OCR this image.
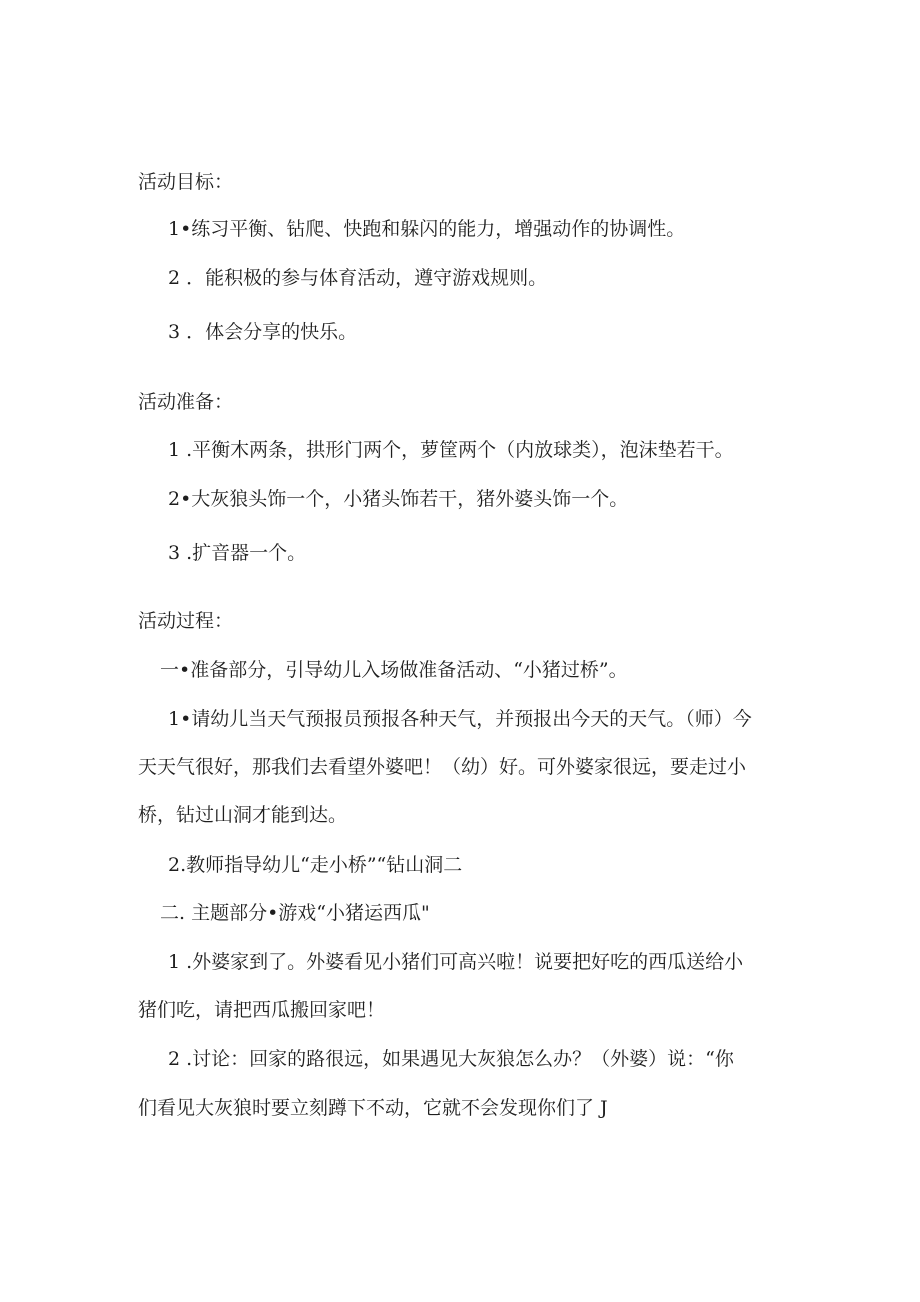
活动目标：
1•练习平衡、钻爬、快跑和躲闪的能力，增强动作的协调性。
2 ．能积极的参与体育活动，遵守游戏规则。
3 ．体会分享的快乐。
活动准备：
1 .平衡木两条，拱形门两个，萝筐两个（内放球类），泡沫垫若干。
2•大灰狼头饰一个，小猪头饰若干，猪外婆头饰一个。
3 .扩音器一个。
活动过程：
一•准备部分，引导幼儿入场做准备活动、“小猪过桥”。
1•请幼儿当天气预报员预报各种天气，并预报出今天的天气。（师）今
天天气很好，那我们去看望外婆吧！（幼）好。可外婆家很远，要走过小
桥，钻过山洞才能到达。
2.教师指导幼儿“走小桥”“钻山洞二
二. 主题部分•游戏“小猪运西瓜"
1 .外婆家到了。外婆看见小猪们可高兴啦！说要把好吃的西瓜送给小
猪们吃，请把西瓜搬回家吧！
2 .讨论：回家的路很远，如果遇见大灰狼怎么办？（外婆）说：“你
们看见大灰狼时要立刻蹲下不动，它就不会发现你们了 J
